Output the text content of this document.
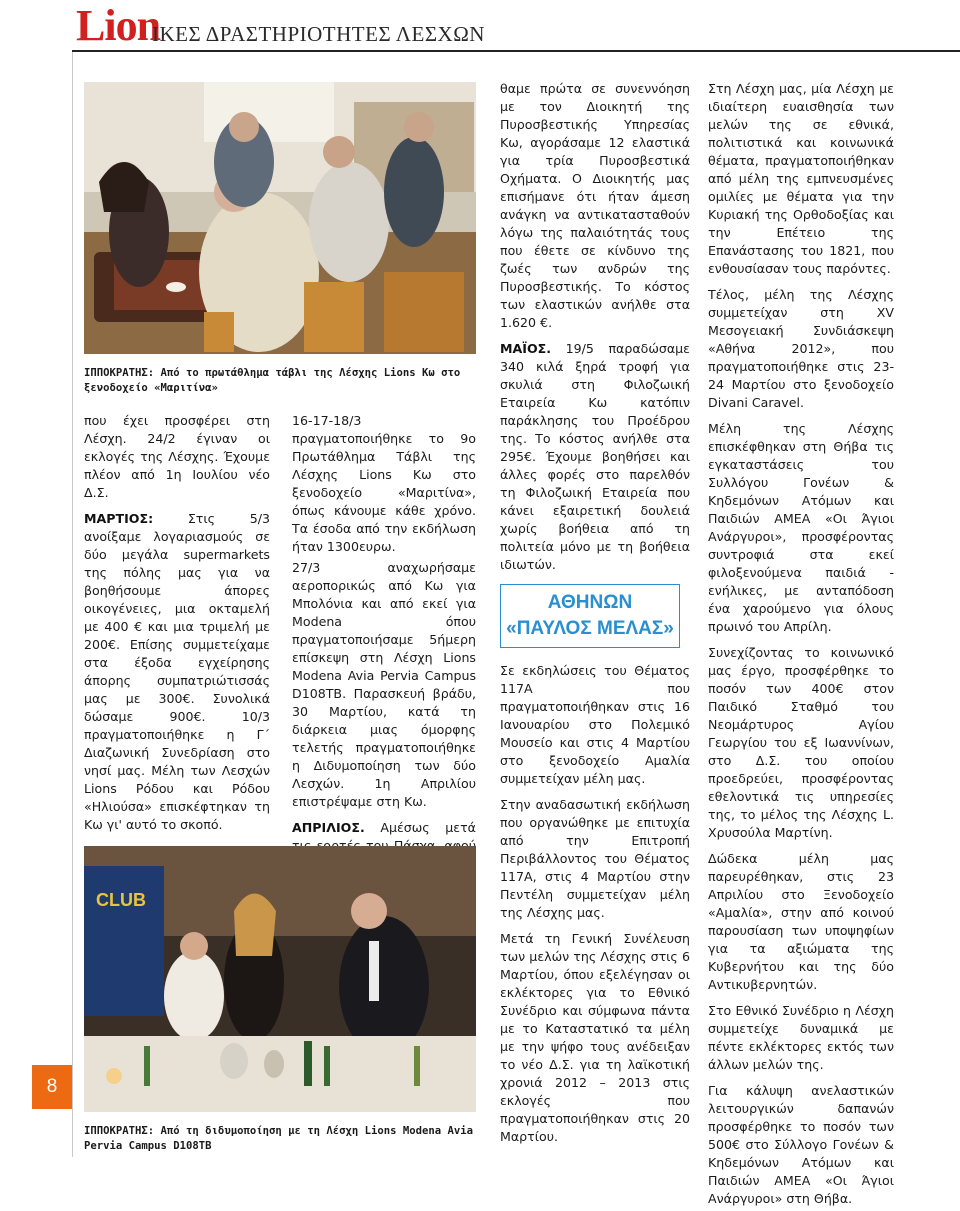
Lion
ΙΚΕΣ ΔΡΑΣΤΗΡΙΟΤΗΤΕΣ ΛΕΣΧΩΝ
8
ΙΠΠΟΚΡΑΤΗΣ: Από το πρωτάθλημα τάβλι της Λέσχης Lions Κω στο ξενοδοχείο «Μαριτίνα»

που έχει προσφέρει στη Λέσχη. 24/2 έγιναν οι εκλογές της Λέσχης. Έχουμε πλέον από 1η Ιουλίου νέο Δ.Σ.

ΜΑΡΤΙΟΣ: Στις 5/3 ανοίξαμε λογαριασμούς σε δύο μεγάλα supermarkets της πόλης μας για να βοηθήσουμε άπορες οικογένειες, μια οκταμελή με 400 € και μια τριμελή με 200€. Επίσης συμμετείχαμε στα έξοδα εγχείρησης άπορης συμπατριώτισσάς μας με 300€. Συνολικά δώσαμε 900€. 10/3 πραγματοποιήθηκε η Γ΄ Διαζωνική Συνεδρίαση στο νησί μας. Μέλη των Λεσχών Lions Ρόδου και Ρόδου «Ηλιούσα» επισκέφτηκαν τη Κω γι' αυτό το σκοπό.

16-17-18/3 πραγματοποιήθηκε το 9ο Πρωτάθλημα Τάβλι της Λέσχης Lions Κω στο ξενοδοχείο «Μαριτίνα», όπως κάνουμε κάθε χρόνο. Τα έσοδα από την εκδήλωση ήταν 1300ευρω.

27/3 αναχωρήσαμε αεροπορικώς από Κω για Μπολόνια και από εκεί για Modena όπου πραγματοποιήσαμε 5ήμερη επίσκεψη στη Λέσχη Lions Modena Avia Pervia Campus D108TB. Παρασκευή βράδυ, 30 Μαρτίου, κατά τη διάρκεια μιας όμορφης τελετής πραγματοποιήθηκε η Διδυμοποίηση των δύο Λεσχών. 1η Απριλίου επιστρέψαμε στη Κω.

ΑΠΡΙΛΙΟΣ. Αμέσως μετά

CLUB
ΙΠΠΟΚΡΑΤΗΣ: Από τη διδυμοποίηση με τη Λέσχη Lions Modena Avia Pervia Campus D108TB

θαμε πρώτα σε συνεννόηση με τον Διοικητή της Πυροσβεστικής Υπηρεσίας Κω, αγοράσαμε 12 ελαστικά για τρία Πυροσβεστικά Οχήματα. Ο Διοικητής μας επισήμανε ότι ήταν άμεση ανάγκη να αντικατασταθούν λόγω της παλαιότητάς τους που έθετε σε κίνδυνο της ζωές των ανδρών της Πυροσβεστικής. Το κόστος των ελαστικών ανήλθε στα 1.620 €.

ΜΑΪΟΣ. 19/5 παραδώσαμε 340 κιλά ξηρά τροφή για σκυλιά στη Φιλοζωική Εταιρεία Κω κατόπιν παράκλησης του Προέδρου της. Το κόστος ανήλθε στα 295€. Έχουμε βοηθήσει και άλλες φορές στο παρελθόν τη Φιλοζωική Εταιρεία που κάνει εξαιρετική δουλειά χωρίς βοήθεια από τη πολιτεία μόνο με τη βοήθεια ιδιωτών.

ΑΘΗΝΩΝ
«ΠΑΥΛΟΣ ΜΕΛΑΣ»

Σε εκδηλώσεις του Θέματος 117Α που πραγματοποιήθηκαν στις 16 Ιανουαρίου στο Πολεμικό Μουσείο και στις 4 Μαρτίου στο ξενοδοχείο Αμαλία συμμετείχαν μέλη μας.

Στην αναδασωτική εκδήλωση που οργανώθηκε με επιτυχία από την Επιτροπή Περιβάλλοντος του Θέματος 117Α, στις 4 Μαρτίου στην Πεντέλη συμμετείχαν μέλη της Λέσχης μας.

Μετά τη Γενική Συνέλευση των μελών της Λέσχης στις 6 Μαρτίου, όπου εξελέγησαν οι εκλέκτορες για το Εθνικό Συνέδριο και σύμφωνα πάντα με το Καταστατικό τα μέλη με την ψήφο τους ανέδειξαν το νέο Δ.Σ. για τη λαϊκοτική χρονιά 2012 – 2013 στις εκλογές που πραγματοποιήθηκαν στις 20 Μαρτίου.

Στη Λέσχη μας, μία Λέσχη με ιδιαίτερη ευαισθησία των μελών της σε εθνικά, πολιτιστικά και κοινωνικά θέματα, πραγματοποιήθηκαν από μέλη της εμπνευσμένες ομιλίες με θέματα για την Κυριακή της Ορθοδοξίας και την Επέτειο της Επανάστασης του 1821, που ενθουσίασαν τους παρόντες.

Τέλος, μέλη της Λέσχης συμμετείχαν στη XV Μεσογειακή Συνδιάσκεψη «Αθήνα 2012», που πραγματοποιήθηκε στις 23-24 Μαρτίου στο ξενοδοχείο Divani Caravel.

Μέλη της Λέσχης επισκέφθηκαν στη Θήβα τις εγκαταστάσεις του Συλλόγου Γονέων & Κηδεμόνων Ατόμων και Παιδιών ΑΜΕΑ «Οι Άγιοι Ανάργυροι», προσφέροντας συντροφιά στα εκεί φιλοξενούμενα παιδιά - ενήλικες, με ανταπόδοση ένα χαρούμενο για όλους πρωινό του Απρίλη.

Συνεχίζοντας το κοινωνικό μας έργο, προσφέρθηκε το ποσόν των 400€ στον Παιδικό Σταθμό του Νεομάρτυρος Αγίου Γεωργίου του εξ Ιωαννίνων, στο Δ.Σ. του οποίου προεδρεύει, προσφέροντας εθελοντικά τις υπηρεσίες της, το μέλος της Λέσχης L. Χρυσούλα Μαρτίνη.

Δώδεκα μέλη μας παρευρέθηκαν, στις 23 Απριλίου στο Ξενοδοχείο «Αμαλία», στην από κοινού παρουσίαση των υποψηφίων για τα αξιώματα της Κυβερνήτου και της δύο Αντικυβερνητών.

Στο Εθνικό Συνέδριο η Λέσχη συμμετείχε δυναμικά με πέντε εκλέκτορες εκτός των άλλων μελών της.

Για κάλυψη ανελαστικών λειτουργικών δαπανών προσφέρθηκε το ποσόν των 500€ στο Σύλλογο Γονέων & Κηδεμόνων Ατόμων και Παιδιών ΑΜΕΑ «Οι Άγιοι Ανάργυροι» στη Θήβα.
